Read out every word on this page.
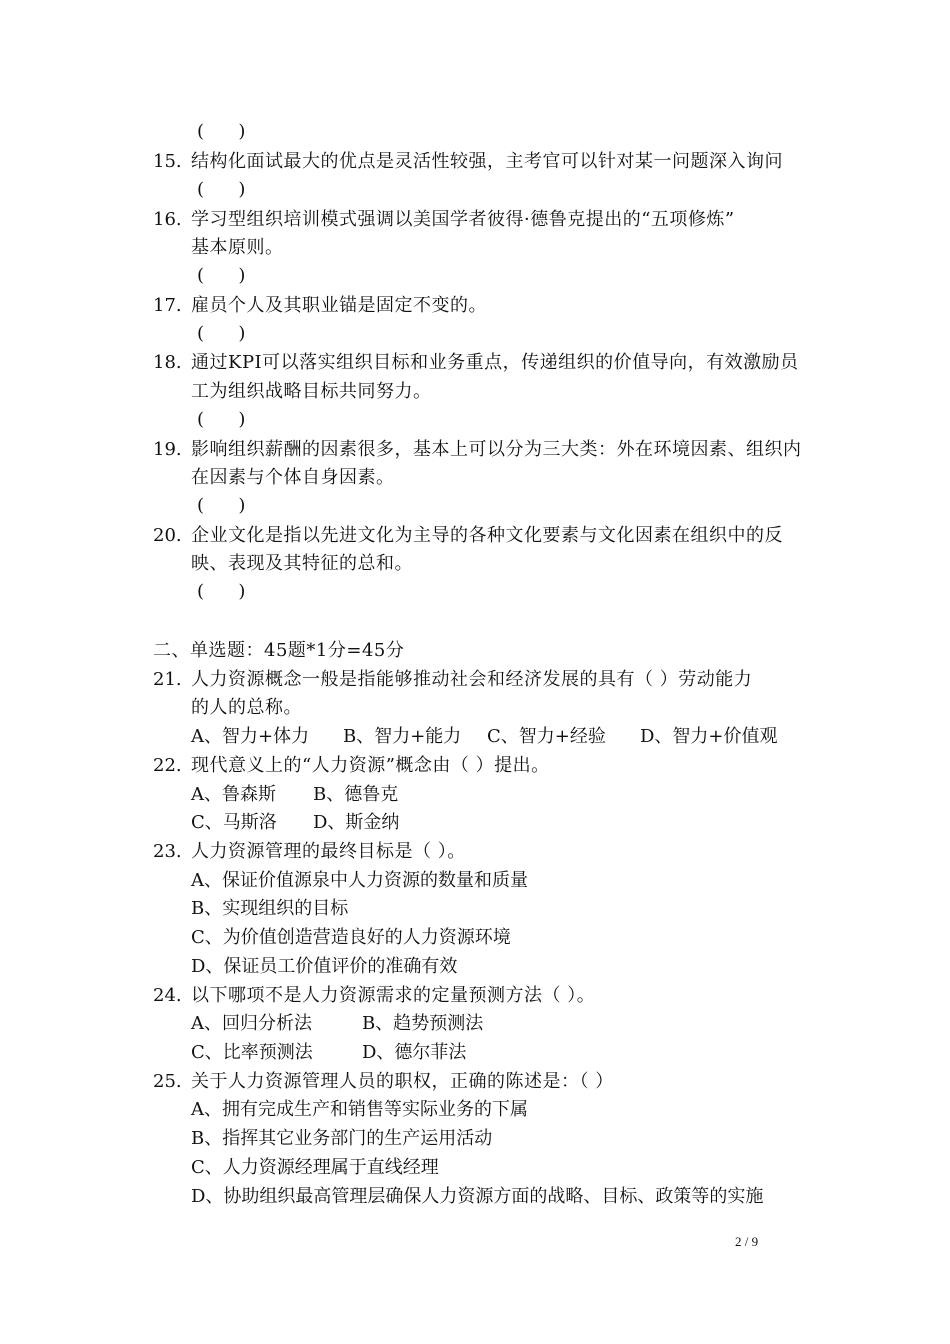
(      )
15. 结构化面试最大的优点是灵活性较强，主考官可以针对某一问题深入询问
(      )
16. 学习型组织培训模式强调以美国学者彼得·德鲁克提出的“五项修炼”
基本原则。
(      )
17. 雇员个人及其职业锚是固定不变的。
(      )
18. 通过KPI可以落实组织目标和业务重点，传递组织的价值导向，有效激励员
工为组织战略目标共同努力。
(      )
19. 影响组织薪酬的因素很多，基本上可以分为三大类：外在环境因素、组织内
在因素与个体自身因素。
(      )
20. 企业文化是指以先进文化为主导的各种文化要素与文化因素在组织中的反
映、表现及其特征的总和。
(      )
二、单选题：45题*1分=45分
21. 人力资源概念一般是指能够推动社会和经济发展的具有（ ）劳动能力
的人的总称。
A、智力+体力 B、智力+能力 C、智力+经验 D、智力+价值观
22. 现代意义上的“人力资源”概念由（ ）提出。
A、鲁森斯 B、德鲁克
C、马斯洛 D、斯金纳
23. 人力资源管理的最终目标是（ ）。
A、保证价值源泉中人力资源的数量和质量
B、实现组织的目标
C、为价值创造营造良好的人力资源环境
D、保证员工价值评价的准确有效
24. 以下哪项不是人力资源需求的定量预测方法（ ）。
A、回归分析法	B、趋势预测法
C、比率预测法	D、德尔菲法
25. 关于人力资源管理人员的职权，正确的陈述是：（ ）
A、拥有完成生产和销售等实际业务的下属
B、指挥其它业务部门的生产运用活动
C、人力资源经理属于直线经理
D、协助组织最高管理层确保人力资源方面的战略、目标、政策等的实施
2 / 9
